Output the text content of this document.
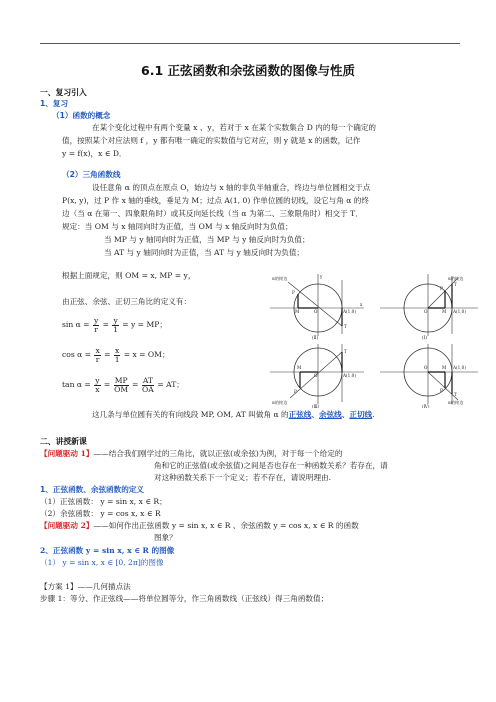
6.1 正弦函数和余弦函数的图像与性质
一、复习引入
1、复习
（1）函数的概念
在某个变化过程中有两个变量 x 、y，若对于 x 在某个实数集合 D 内的每一个确定的
值，按照某个对应法则 f ，y 都有唯一确定的实数值与它对应，则 y 就是 x 的函数，记作
y = f(x)，x ∈ D．
（2）三角函数线
设任意角 α 的顶点在原点 O，始边与 x 轴的非负半轴重合，终边与单位圆相交于点
P(x, y)，过 P 作 x 轴的垂线，垂足为 M；过点 A(1, 0) 作单位圆的切线，设它与角 α 的终
边（当 α 在第一、四象限角时）或其反向延长线（当 α 为第二、三象限角时）相交于 T．
规定：当 OM 与 x 轴同向时为正值，当 OM 与 x 轴反向时为负值；
当 MP 与 y 轴同向时为正值，当 MP 与 y 轴反向时为负值；
当 AT 与 y 轴同向时为正值，当 AT 与 y 轴反向时为负值；
根据上面规定，则 OM = x, MP = y，
由正弦、余弦、正切三角比的定义有：
$\sin \alpha = \frac{y}{r} = \frac{y}{1} = y$ = MP；
$\cos \alpha = \frac{x}{r} = \frac{x}{1} = x$ = OM；
$\tan \alpha = \frac{y}{x} = \frac{MP}{OM} = \frac{AT}{OA}$ = AT；
这几条与单位圆有关的有向线段 MP, OM, AT 叫做角 α 的正弦线、余弦线、正切线.
α的终边
P
M	O	A(1,0)
T
x
y
(Ⅱ)
α的终边
P
T
M
O	A(1,0)
(Ⅰ)
T
M
O	A(1,0)
P
α的终边
(Ⅲ)
O	M A(1,0)
P
T
α的终边
(Ⅳ)
二、讲授新课
【问题驱动 1】——结合我们刚学过的三角比，就以正弦(或余弦)为例，对于每一个给定的
角和它的正弦值(或余弦值)之间是否也存在一种函数关系？若存在，请
对这种函数关系下一个定义；若不存在，请说明理由.
1、正弦函数、余弦函数的定义
（1）正弦函数： y = sin x, x ∈ R；
（2）余弦函数： y = cos x, x ∈ R
【问题驱动 2】——如何作出正弦函数 y = sin x, x ∈ R 、余弦函数 y = cos x, x ∈ R 的函数
图象？
2、正弦函数 y = sin x, x ∈ R 的图像
（1） y = sin x, x ∈ [0, 2π]的图像
【方案 1】——几何描点法
步骤 1：等分、作正弦线——将单位圆等分，作三角函数线（正弦线）得三角函数值；
